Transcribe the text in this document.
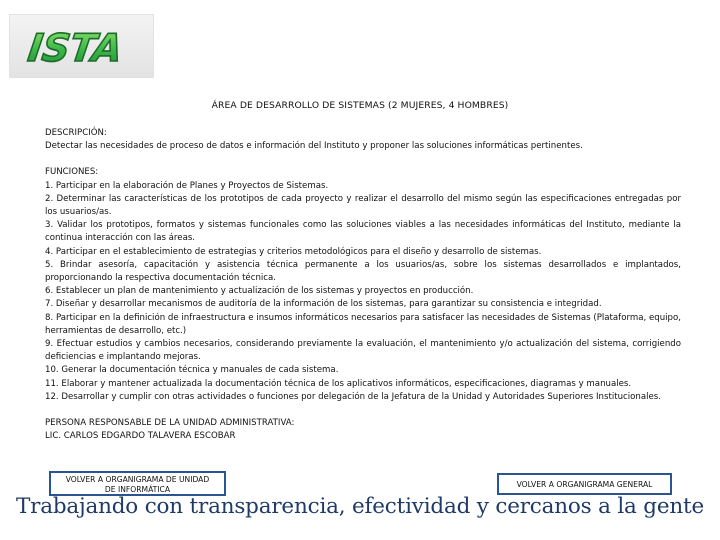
ISTA
ÁREA DE DESARROLLO DE SISTEMAS (2 MUJERES, 4 HOMBRES)

DESCRIPCIÓN:

Detectar las necesidades de proceso de datos e información del Instituto y proponer las soluciones informáticas pertinentes.

FUNCIONES:

1. Participar en la elaboración de Planes y Proyectos de Sistemas.

2. Determinar las características de los prototipos de cada proyecto y realizar el desarrollo del mismo según las especificaciones entregadas por los usuarios/as.

3. Validar los prototipos, formatos y sistemas funcionales como las soluciones viables a las necesidades informáticas del Instituto, mediante la continua interacción con las áreas.

4. Participar en el establecimiento de estrategias y criterios metodológicos para el diseño y desarrollo de sistemas.

5. Brindar asesoría, capacitación y asistencia técnica permanente a los usuarios/as, sobre los sistemas desarrollados e implantados, proporcionando la respectiva documentación técnica.

6. Establecer un plan de mantenimiento y actualización de los sistemas y proyectos en producción.

7. Diseñar y desarrollar mecanismos de auditoría de la información de los sistemas, para garantizar su consistencia e integridad.

8. Participar en la definición de infraestructura e insumos informáticos necesarios para satisfacer las necesidades de Sistemas (Plataforma, equipo, herramientas de desarrollo, etc.)

9. Efectuar estudios y cambios necesarios, considerando previamente la evaluación, el mantenimiento y/o actualización del sistema, corrigiendo deficiencias e implantando mejoras.

10. Generar la documentación técnica y manuales de cada sistema.

11. Elaborar y mantener actualizada la documentación técnica de los aplicativos informáticos, especificaciones, diagramas y manuales.

12. Desarrollar y cumplir con otras actividades o funciones por delegación de la Jefatura de la Unidad y Autoridades Superiores Institucionales.

PERSONA RESPONSABLE DE LA UNIDAD ADMINISTRATIVA:

LIC. CARLOS EDGARDO TALAVERA ESCOBAR

VOLVER A ORGANIGRAMA DE UNIDAD
DE INFORMÁTICA
VOLVER A ORGANIGRAMA GENERAL
Trabajando con transparencia, efectividad y cercanos a la gente
